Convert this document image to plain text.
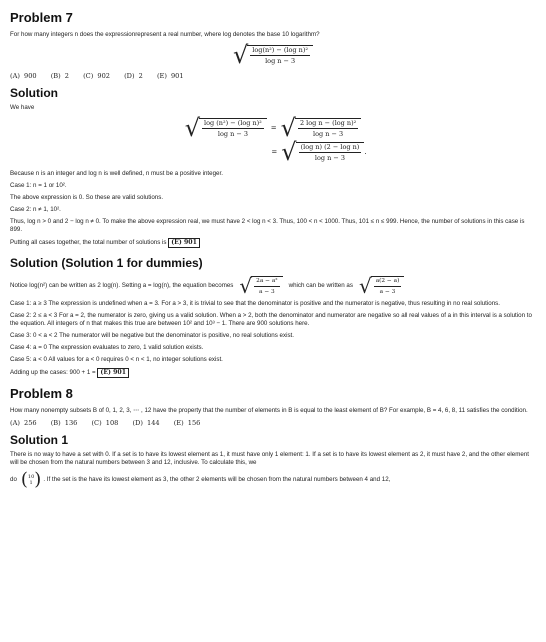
Problem 7

For how many integers n does the expressionrepresent a real number, where log denotes the base 10 logarithm?

√ $\frac{\text{log(n²) − (log n)²}}{\text{log n − 3}}$
(A) 900 (B) 2 (C) 902 (D) 2 (E) 901
Solution

We have

√ $\frac{\text{log (n²) − (log n)²}}{\text{log n − 3}}$ = √ $\frac{\text{2 log n − (log n)²}}{\text{log n − 3}}$
= √ $\frac{\text{(log n) (2 − log n)}}{\text{log n − 3}}$ .

Because n is an integer and log n is well defined, n must be a positive integer.

Case 1: n = 1 or 10².

The above expression is 0. So these are valid solutions.

Case 2: n ≠ 1, 10².

Thus, log n > 0 and 2 − log n ≠ 0. To make the above expression real, we must have 2 < log n < 3. Thus, 100 < n < 1000. Thus, 101 ≤ n ≤ 999. Hence, the number of solutions in this case is 899.

Putting all cases together, the total number of solutions is (E) 901

Solution (Solution 1 for dummies)

Notice log(n²) can be written as 2 log(n). Setting a = log(n), the equation becomes √ $\frac{\text{2a − a²}}{a - 3}$ which can be written as √ $\frac{a(2 - a)}{a - 3}$

Case 1: a ≥ 3 The expression is undefined when a = 3. For a > 3, it is trivial to see that the denominator is positive and the numerator is negative, thus resulting in no real solutions.

Case 2: 2 ≤ a < 3 For a = 2, the numerator is zero, giving us a valid solution. When a > 2, both the denominator and numerator are negative so all real values of a in this interval is a solution to the equation. All integers of n that makes this true are between 10² and 10³ − 1. There are 900 solutions here.

Case 3: 0 < a < 2 The numerator will be negative but the denominator is positive, no real solutions exist.

Case 4: a = 0 The expression evaluates to zero, 1 valid solution exists.

Case 5: a < 0 All values for a < 0 requires 0 < n < 1, no integer solutions exist.

Adding up the cases: 900 + 1 = (E) 901

Problem 8

How many nonempty subsets B of 0, 1, 2, 3, ⋯ , 12 have the property that the number of elements in B is equal to the least element of B? For example, B = 4, 6, 8, 11 satisfies the condition.

(A) 256 (B) 136 (C) 108 (D) 144 (E) 156
Solution 1

There is no way to have a set with 0. If a set is to have its lowest element as 1, it must have only 1 element: 1. If a set is to have its lowest element as 2, it must have 2, and the other element will be chosen from the natural numbers between 3 and 12, inclusive. To calculate this, we

do ( 10
1 ) . If the set is the have its lowest element as 3, the other 2 elements will be chosen from the natural numbers between 4 and 12,
